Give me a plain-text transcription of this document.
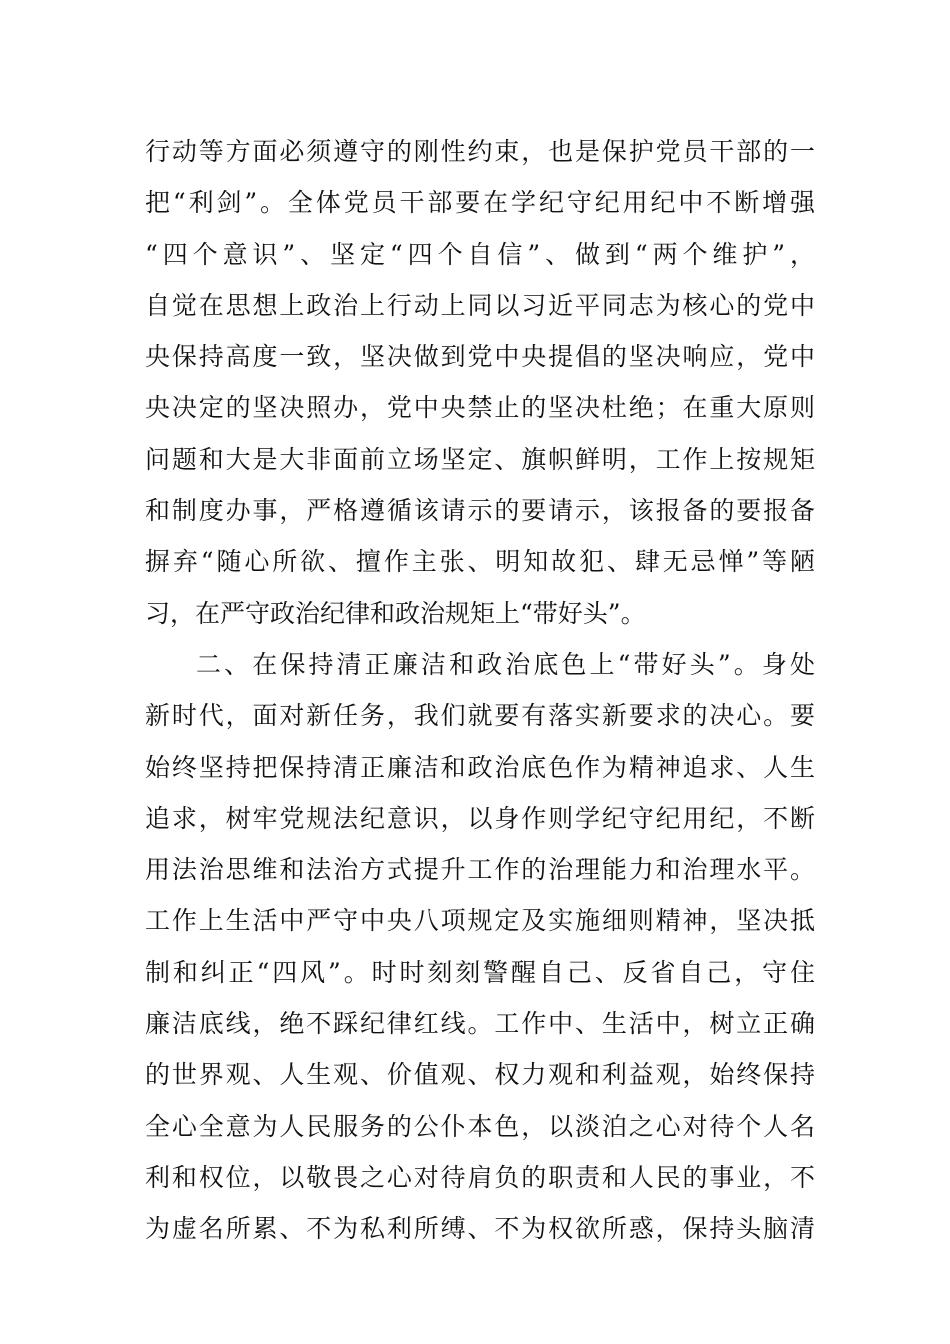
行动等方面必须遵守的刚性约束，也是保护党员干部的一
把“利剑”。全体党员干部要在学纪守纪用纪中不断增强
“四个意识”、坚定“四个自信”、做到“两个维护”，
自觉在思想上政治上行动上同以习近平同志为核心的党中
央保持高度一致，坚决做到党中央提倡的坚决响应，党中
央决定的坚决照办，党中央禁止的坚决杜绝；在重大原则
问题和大是大非面前立场坚定、旗帜鲜明，工作上按规矩
和制度办事，严格遵循该请示的要请示，该报备的要报备
摒弃“随心所欲、擅作主张、明知故犯、肆无忌惮”等陋
习，在严守政治纪律和政治规矩上“带好头”。
二、在保持清正廉洁和政治底色上“带好头”。身处
新时代，面对新任务，我们就要有落实新要求的决心。要
始终坚持把保持清正廉洁和政治底色作为精神追求、人生
追求，树牢党规法纪意识，以身作则学纪守纪用纪，不断
用法治思维和法治方式提升工作的治理能力和治理水平。
工作上生活中严守中央八项规定及实施细则精神，坚决抵
制和纠正“四风”。时时刻刻警醒自己、反省自己，守住
廉洁底线，绝不踩纪律红线。工作中、生活中，树立正确
的世界观、人生观、价值观、权力观和利益观，始终保持
全心全意为人民服务的公仆本色，以淡泊之心对待个人名
利和权位，以敬畏之心对待肩负的职责和人民的事业，不
为虚名所累、不为私利所缚、不为权欲所惑，保持头脑清
